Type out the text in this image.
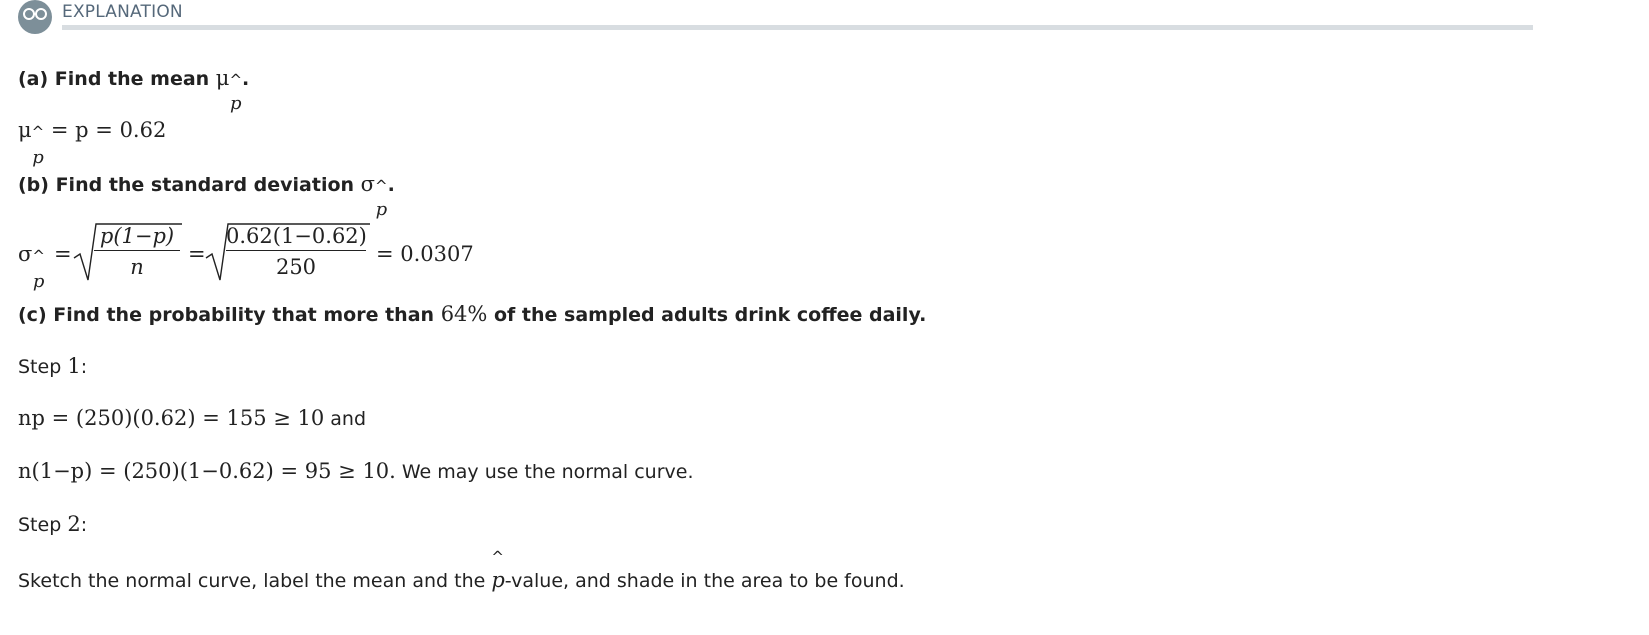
EXPLANATION
(a) Find the mean μ^
p
.
μ^
p
= p = 0.62
(b) Find the standard deviation σ^
p
.
σ^
p
= $\frac{p(1-p)}{n} = \frac{0.62(1-0.62)}{250} = 0.0307$
(c) Find the probability that more than 64% of the sampled adults drink coffee daily.
Step 1:
np = (250)(0.62) = 155 ≥ 10 and
n(1−p) = (250)(1−0.62) = 95 ≥ 10. We may use the normal curve.
Step 2:
Sketch the normal curve, label the mean and the
^
p-value, and shade in the area to be found.
